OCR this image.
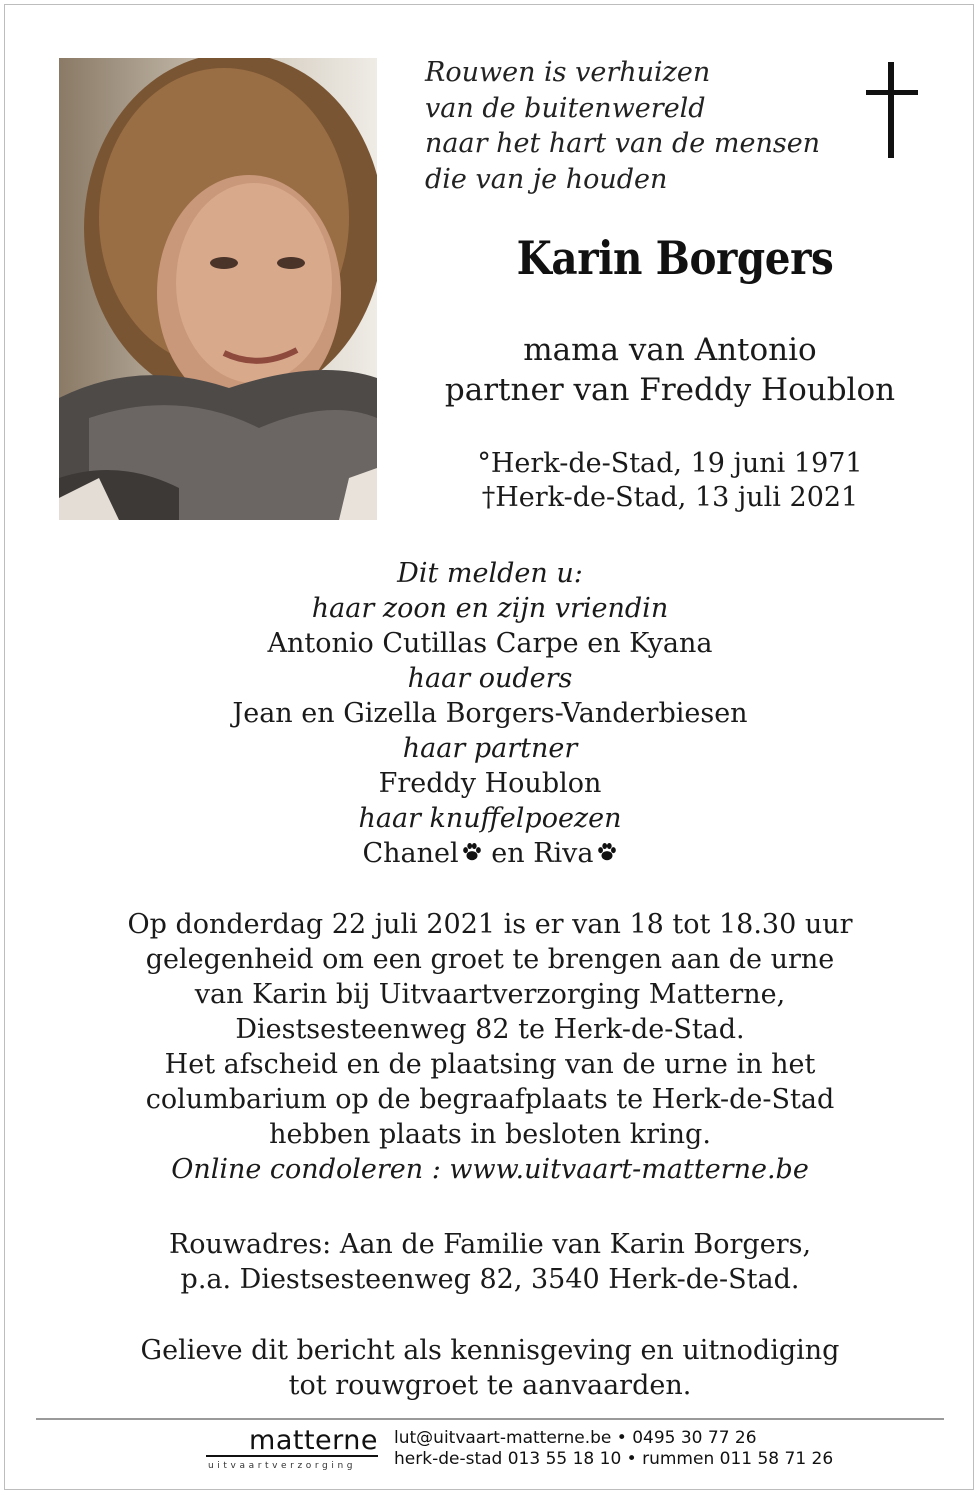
Rouwen is verhuizen
van de buitenwereld
naar het hart van de mensen
die van je houden
Karin Borgers
mama van Antonio
partner van Freddy Houblon
°Herk-de-Stad, 19 juni 1971
†Herk-de-Stad, 13 juli 2021
Dit melden u:
haar zoon en zijn vriendin
Antonio Cutillas Carpe en Kyana
haar ouders
Jean en Gizella Borgers-Vanderbiesen
haar partner
Freddy Houblon
haar knuffelpoezen
Chanel
en Riva
Op donderdag 22 juli 2021 is er van 18 tot 18.30 uur
gelegenheid om een groet te brengen aan de urne
van Karin bij Uitvaartverzorging Matterne,
Diestsesteenweg 82 te Herk-de-Stad.
Het afscheid en de plaatsing van de urne in het
columbarium op de begraafplaats te Herk-de-Stad
hebben plaats in besloten kring.
Online condoleren : www.uitvaart-matterne.be
Rouwadres: Aan de Familie van Karin Borgers,
p.a. Diestsesteenweg 82, 3540 Herk-de-Stad.
Gelieve dit bericht als kennisgeving en uitnodiging
tot rouwgroet te aanvaarden.
matterne
uitvaartverzorging
lut@uitvaart-matterne.be • 0495 30 77 26
herk-de-stad 013 55 18 10 • rummen 011 58 71 26
